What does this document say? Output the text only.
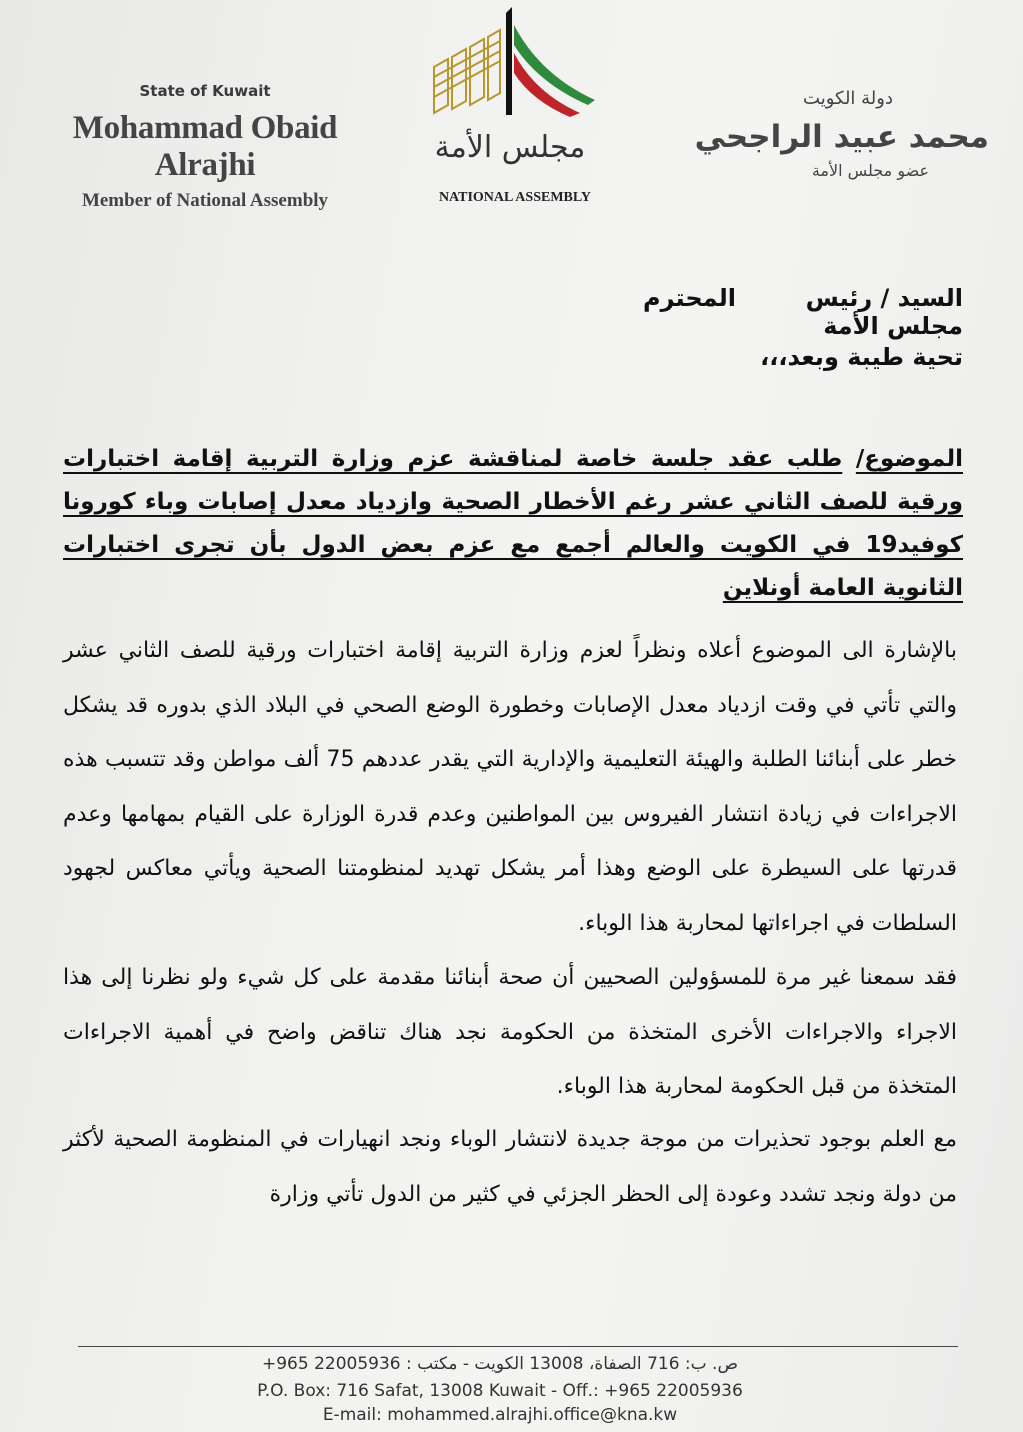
State of Kuwait
Mohammad Obaid Alrajhi
Member of National Assembly
مجلس الأمة
NATIONAL ASSEMBLY
دولة الكويت
محمد عبيد الراجحي
عضو مجلس الأمة
السيد / رئيس مجلس الأمة
المحترم
تحية طيبة وبعد،،،
الموضوع/ طلب عقد جلسة خاصة لمناقشة عزم وزارة التربية إقامة اختبارات ورقية للصف الثاني عشر رغم الأخطار الصحية وازدياد معدل إصابات وباء كورونا كوفيد19 في الكويت والعالم أجمع مع عزم بعض الدول بأن تجرى اختبارات الثانوية العامة أونلاين
بالإشارة الى الموضوع أعلاه ونظراً لعزم وزارة التربية إقامة اختبارات ورقية للصف الثاني عشر والتي تأتي في وقت ازدياد معدل الإصابات وخطورة الوضع الصحي في البلاد الذي بدوره قد يشكل خطر على أبنائنا الطلبة والهيئة التعليمية والإدارية التي يقدر عددهم 75 ألف مواطن وقد تتسبب هذه الاجراءات في زيادة انتشار الفيروس بين المواطنين وعدم قدرة الوزارة على القيام بمهامها وعدم قدرتها على السيطرة على الوضع وهذا أمر يشكل تهديد لمنظومتنا الصحية ويأتي معاكس لجهود السلطات في اجراءاتها لمحاربة هذا الوباء.
فقد سمعنا غير مرة للمسؤولين الصحيين أن صحة أبنائنا مقدمة على كل شيء ولو نظرنا إلى هذا الاجراء والاجراءات الأخرى المتخذة من الحكومة نجد هناك تناقض واضح في أهمية الاجراءات المتخذة من قبل الحكومة لمحاربة هذا الوباء.
مع العلم بوجود تحذيرات من موجة جديدة لانتشار الوباء ونجد انهيارات في المنظومة الصحية لأكثر من دولة ونجد تشدد وعودة إلى الحظر الجزئي في كثير من الدول تأتي وزارة
ص. ب: 716 الصفاة، 13008 الكويت - مكتب : 22005936 965+
P.O. Box: 716 Safat, 13008 Kuwait - Off.: +965 22005936
E-mail: mohammed.alrajhi.office@kna.kw
